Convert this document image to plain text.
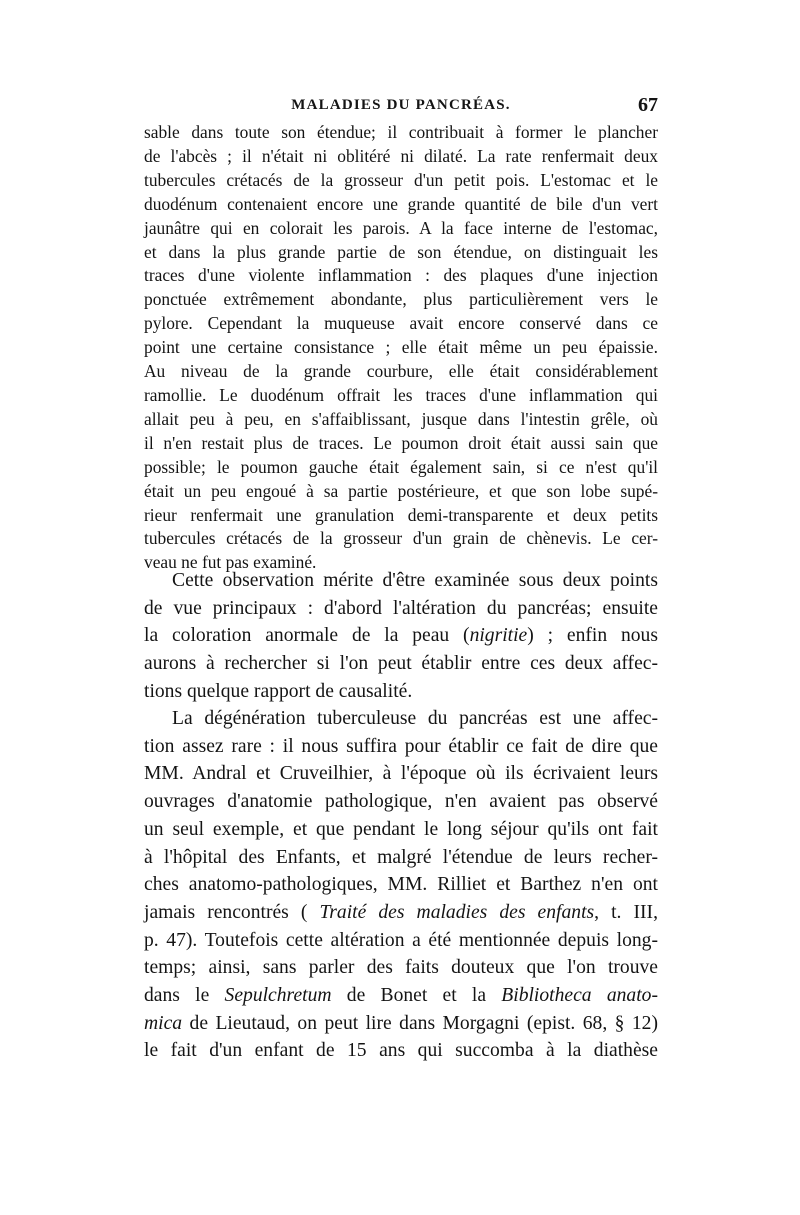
MALADIES DU PANCRÉAS.	67
sable dans toute son étendue; il contribuait à former le plancher
de l'abcès ; il n'était ni oblitéré ni dilaté. La rate renfermait deux
tubercules crétacés de la grosseur d'un petit pois. L'estomac et le
duodénum contenaient encore une grande quantité de bile d'un vert
jaunâtre qui en colorait les parois. A la face interne de l'estomac,
et dans la plus grande partie de son étendue, on distinguait les
traces d'une violente inflammation : des plaques d'une injection
ponctuée extrêmement abondante, plus particulièrement vers le
pylore. Cependant la muqueuse avait encore conservé dans ce
point une certaine consistance ; elle était même un peu épaissie.
Au niveau de la grande courbure, elle était considérablement
ramollie. Le duodénum offrait les traces d'une inflammation qui
allait peu à peu, en s'affaiblissant, jusque dans l'intestin grêle, où
il n'en restait plus de traces. Le poumon droit était aussi sain que
possible; le poumon gauche était également sain, si ce n'est qu'il
était un peu engoué à sa partie postérieure, et que son lobe supé-
rieur renfermait une granulation demi-transparente et deux petits
tubercules crétacés de la grosseur d'un grain de chènevis. Le cer-
veau ne fut pas examiné.
Cette observation mérite d'être examinée sous deux points
de vue principaux : d'abord l'altération du pancréas; ensuite
la coloration anormale de la peau (nigritie) ; enfin nous
aurons à rechercher si l'on peut établir entre ces deux affec-
tions quelque rapport de causalité.
La dégénération tuberculeuse du pancréas est une affec-
tion assez rare : il nous suffira pour établir ce fait de dire que
MM. Andral et Cruveilhier, à l'époque où ils écrivaient leurs
ouvrages d'anatomie pathologique, n'en avaient pas observé
un seul exemple, et que pendant le long séjour qu'ils ont fait
à l'hôpital des Enfants, et malgré l'étendue de leurs recher-
ches anatomo-pathologiques, MM. Rilliet et Barthez n'en ont
jamais rencontrés ( Traité des maladies des enfants, t. III,
p. 47). Toutefois cette altération a été mentionnée depuis long-
temps; ainsi, sans parler des faits douteux que l'on trouve
dans le Sepulchretum de Bonet et la Bibliotheca anato-
mica de Lieutaud, on peut lire dans Morgagni (epist. 68, § 12)
le fait d'un enfant de 15 ans qui succomba à la diathèse
